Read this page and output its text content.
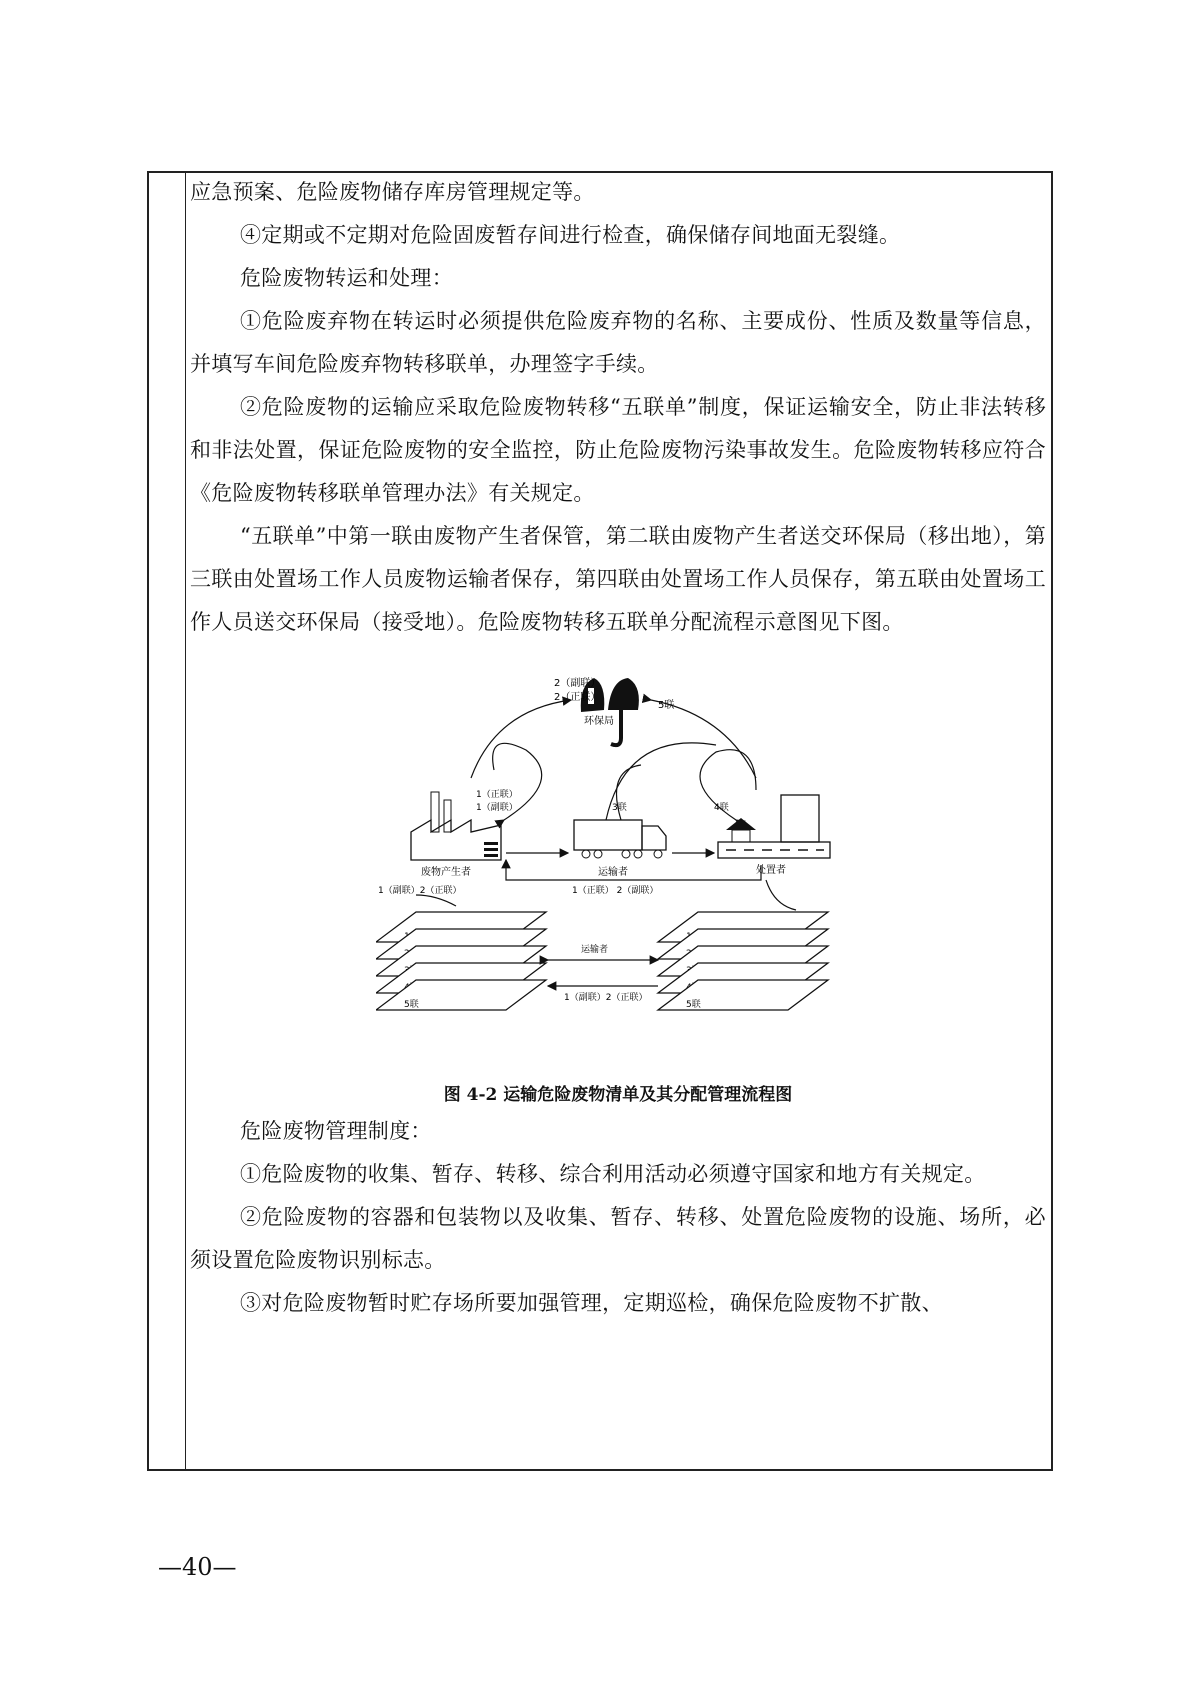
应急预案、危险废物储存库房管理规定等。

④定期或不定期对危险固废暂存间进行检查，确保储存间地面无裂缝。

危险废物转运和处理：

①危险废弃物在转运时必须提供危险废弃物的名称、主要成份、性质及数量等信息，并填写车间危险废弃物转移联单，办理签字手续。

②危险废物的运输应采取危险废物转移“五联单”制度，保证运输安全，防止非法转移和非法处置，保证危险废物的安全监控，防止危险废物污染事故发生。危险废物转移应符合《危险废物转移联单管理办法》有关规定。

“五联单”中第一联由废物产生者保管，第二联由废物产生者送交环保局（移出地），第三联由处置场工作人员废物运输者保存，第四联由处置场工作人员保存，第五联由处置场工作人员送交环保局（接受地）。危险废物转移五联单分配流程示意图见下图。

2（副联）
2（正联）
环保局
5联
1（正联）
1（副联）
废物产生者
3联
运输者
4联
处置者
1（正联） 2（副联）
1（副联）2（正联）
5联	5联
运输者
1（副联）2（正联）

图 4-2 运输危险废物清单及其分配管理流程图

危险废物管理制度：

①危险废物的收集、暂存、转移、综合利用活动必须遵守国家和地方有关规定。

②危险废物的容器和包装物以及收集、暂存、转移、处置危险废物的设施、场所，必须设置危险废物识别标志。

③对危险废物暂时贮存场所要加强管理，定期巡检，确保危险废物不扩散、

—40—
